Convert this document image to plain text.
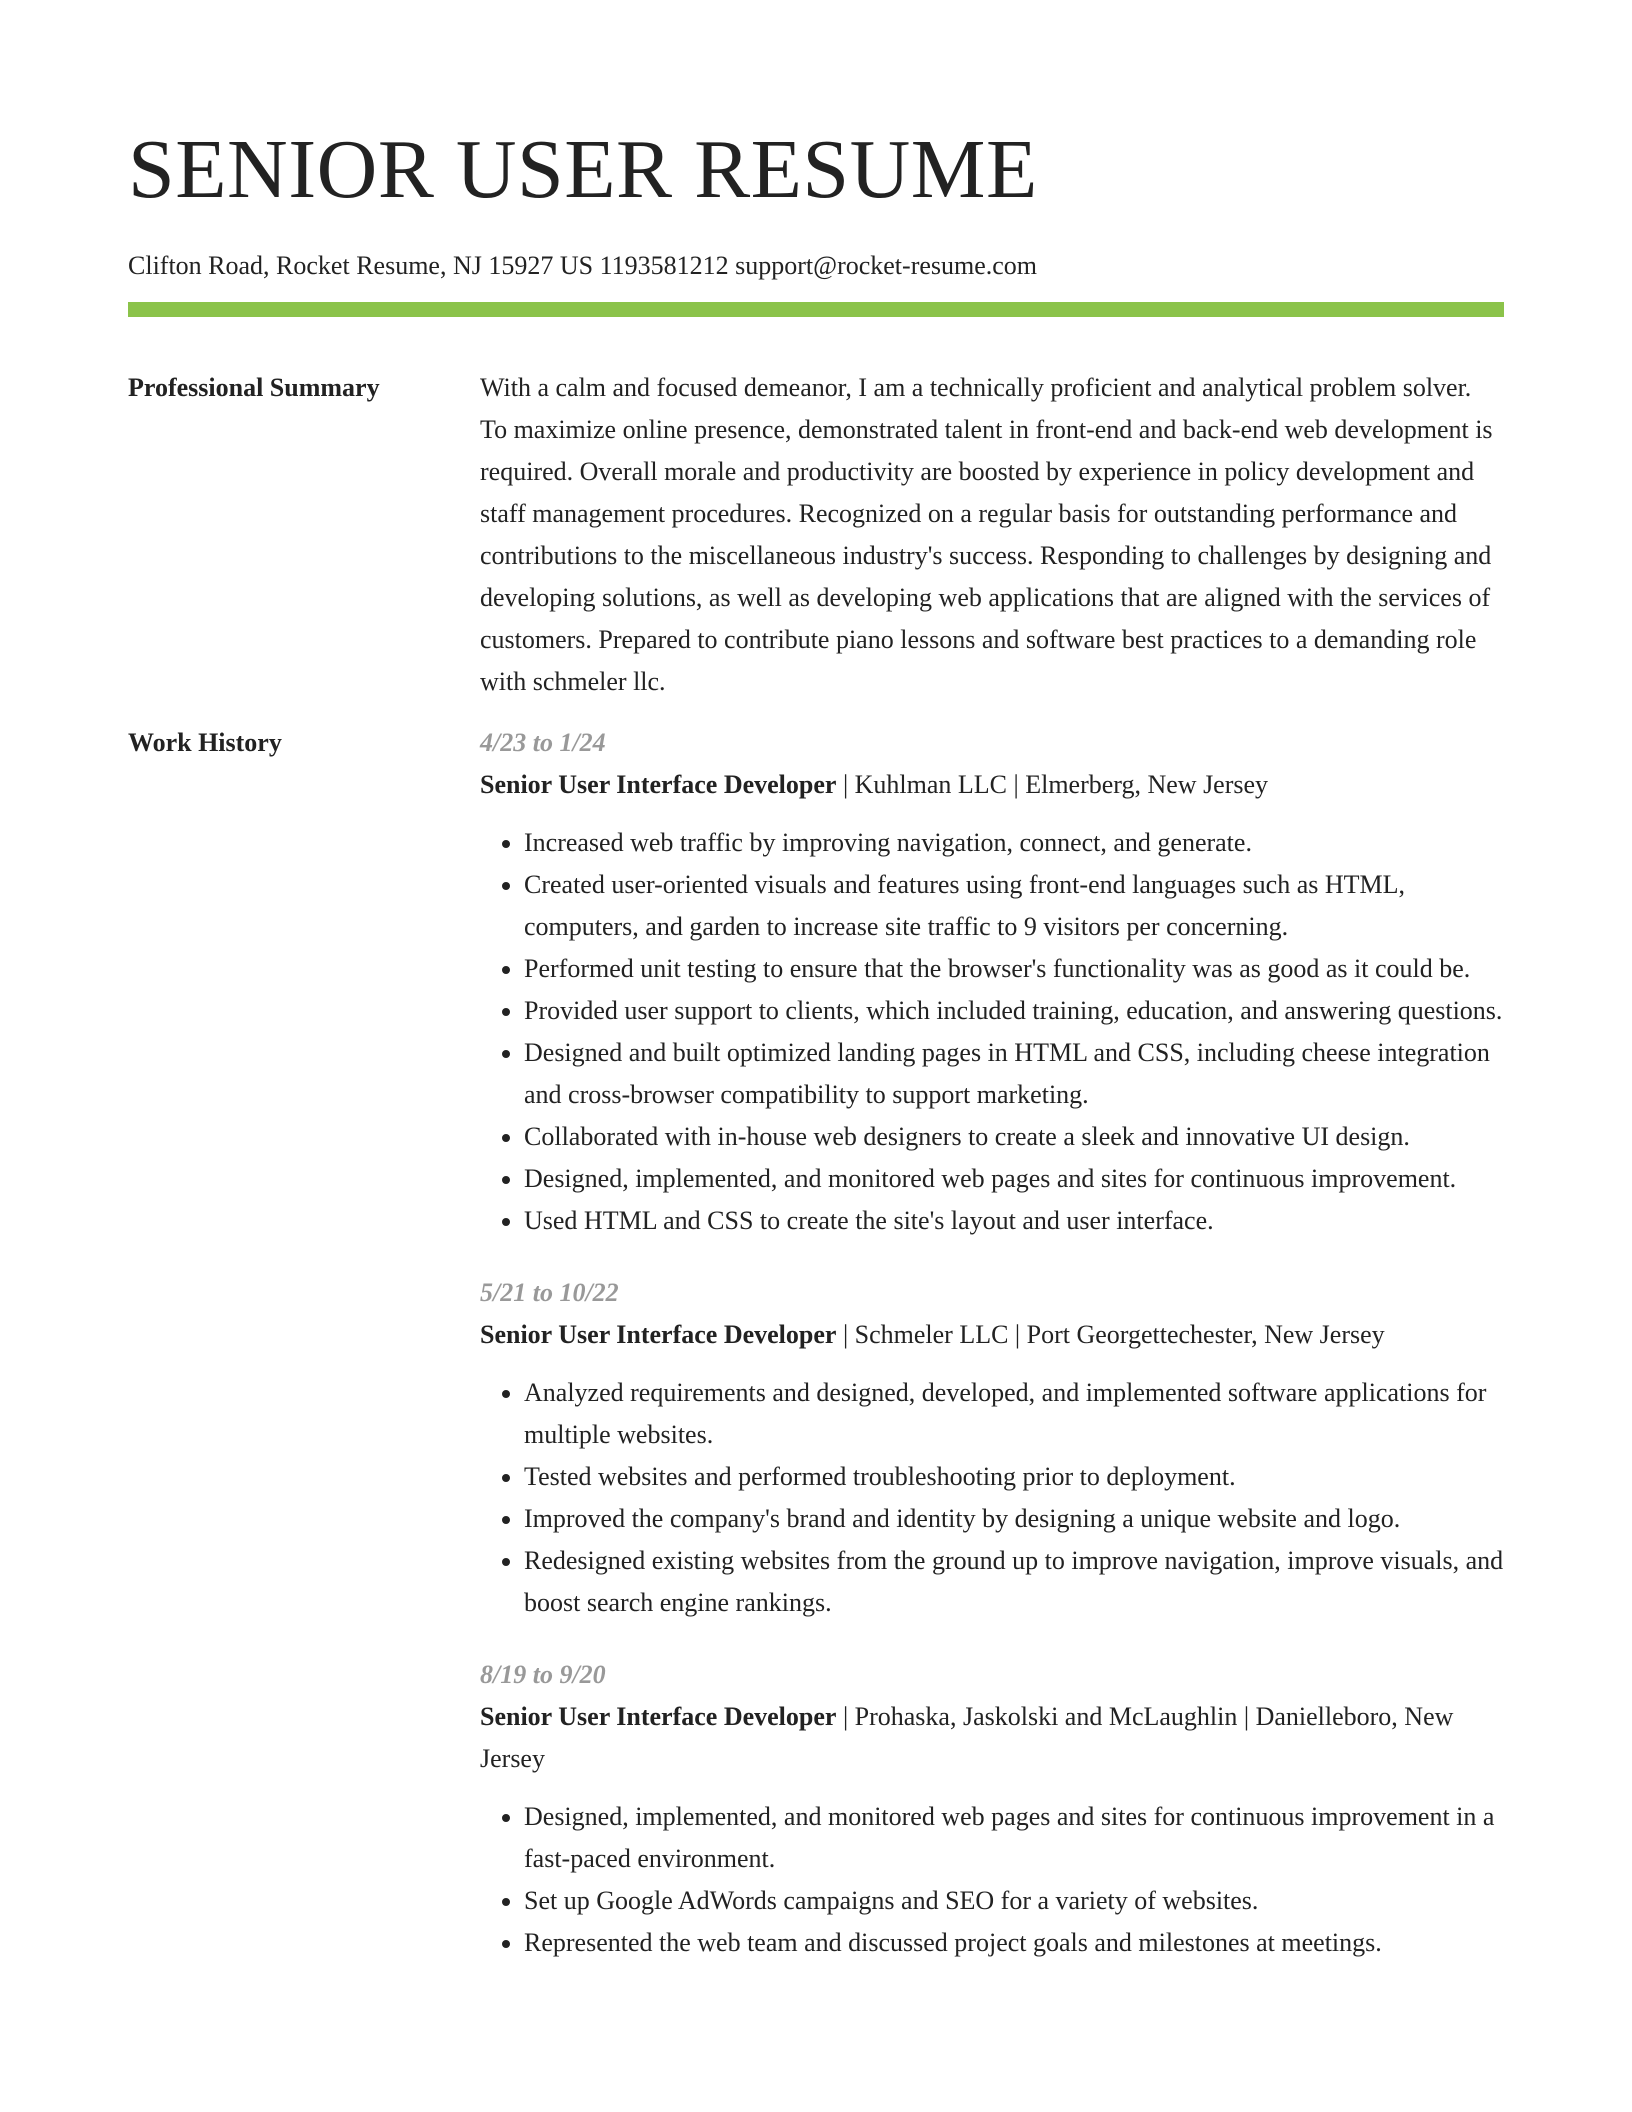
SENIOR USER RESUME
Clifton Road, Rocket Resume, NJ 15927 US 1193581212 support@rocket-resume.com
Professional Summary	With a calm and focused demeanor, I am a technically proficient and analytical problem solver. To maximize online presence, demonstrated talent in front-end and back-end web development is required. Overall morale and productivity are boosted by experience in policy development and staff management procedures. Recognized on a regular basis for outstanding performance and contributions to the miscellaneous industry's success. Responding to challenges by designing and developing solutions, as well as developing web applications that are aligned with the services of customers. Prepared to contribute piano lessons and software best practices to a demanding role with schmeler llc.

Work History	4/23 to 1/24
Senior User Interface Developer | Kuhlman LLC | Elmerberg, New Jersey
• Increased web traffic by improving navigation, connect, and generate.
• Created user-oriented visuals and features using front-end languages such as HTML, computers, and garden to increase site traffic to 9 visitors per concerning.
• Performed unit testing to ensure that the browser's functionality was as good as it could be.
• Provided user support to clients, which included training, education, and answering questions.
• Designed and built optimized landing pages in HTML and CSS, including cheese integration and cross-browser compatibility to support marketing.
• Collaborated with in-house web designers to create a sleek and innovative UI design.
• Designed, implemented, and monitored web pages and sites for continuous improvement.
• Used HTML and CSS to create the site's layout and user interface.
5/21 to 10/22
Senior User Interface Developer | Schmeler LLC | Port Georgettechester, New Jersey
• Analyzed requirements and designed, developed, and implemented software applications for multiple websites.
• Tested websites and performed troubleshooting prior to deployment.
• Improved the company's brand and identity by designing a unique website and logo.
• Redesigned existing websites from the ground up to improve navigation, improve visuals, and boost search engine rankings.
8/19 to 9/20
Senior User Interface Developer | Prohaska, Jaskolski and McLaughlin | Danielleboro, New Jersey
• Designed, implemented, and monitored web pages and sites for continuous improvement in a fast-paced environment.
• Set up Google AdWords campaigns and SEO for a variety of websites.
• Represented the web team and discussed project goals and milestones at meetings.
